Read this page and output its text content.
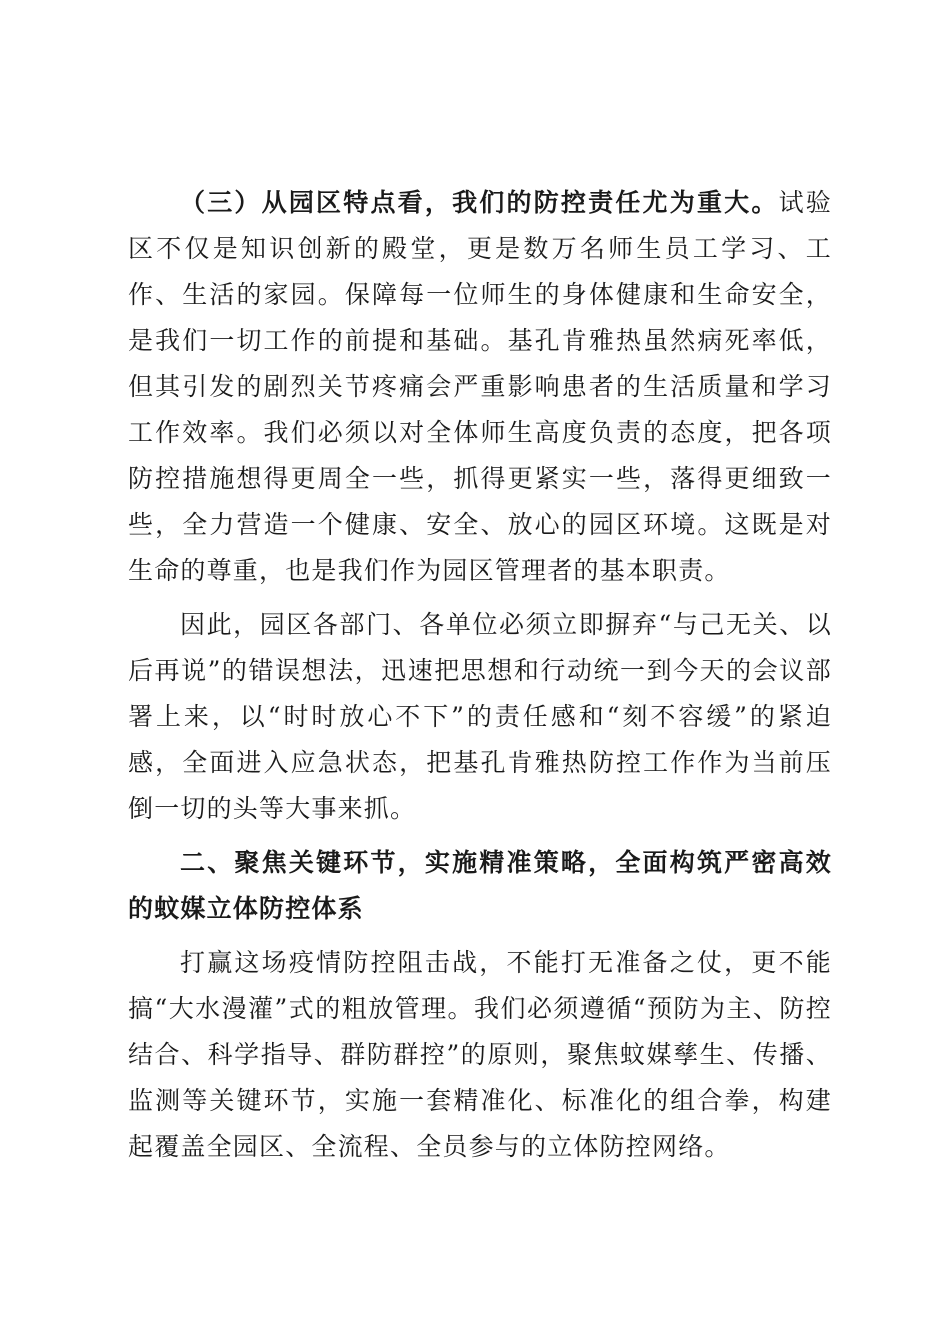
（三）从园区特点看，我们的防控责任尤为重大。试验区不仅是知识创新的殿堂，更是数万名师生员工学习、工作、生活的家园。保障每一位师生的身体健康和生命安全，是我们一切工作的前提和基础。基孔肯雅热虽然病死率低，但其引发的剧烈关节疼痛会严重影响患者的生活质量和学习工作效率。我们必须以对全体师生高度负责的态度，把各项防控措施想得更周全一些，抓得更紧实一些，落得更细致一些，全力营造一个健康、安全、放心的园区环境。这既是对生命的尊重，也是我们作为园区管理者的基本职责。

因此，园区各部门、各单位必须立即摒弃“与己无关、以后再说”的错误想法，迅速把思想和行动统一到今天的会议部署上来，以“时时放心不下”的责任感和“刻不容缓”的紧迫感，全面进入应急状态，把基孔肯雅热防控工作作为当前压倒一切的头等大事来抓。

二、聚焦关键环节，实施精准策略，全面构筑严密高效的蚊媒立体防控体系

打赢这场疫情防控阻击战，不能打无准备之仗，更不能搞“大水漫灌”式的粗放管理。我们必须遵循“预防为主、防控结合、科学指导、群防群控”的原则，聚焦蚊媒孳生、传播、监测等关键环节，实施一套精准化、标准化的组合拳，构建起覆盖全园区、全流程、全员参与的立体防控网络。
